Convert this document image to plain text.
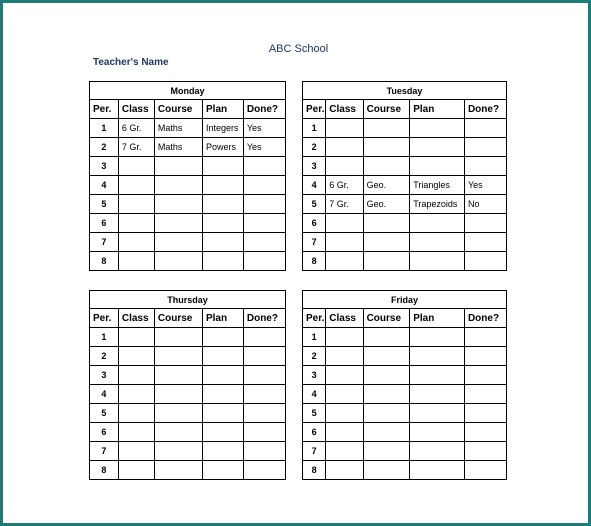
ABC School
Teacher's Name
Monday				
Per.	Class	Course	Plan	Done?
1	6 Gr.	Maths	Integers	Yes
2	7 Gr.	Maths	Powers	Yes
3				
4				
5				
6				
7				
8				
Tuesday				
Per.	Class	Course	Plan	Done?
1				
2				
3				
4	6 Gr.	Geo.	Triangles	Yes
5	7 Gr.	Geo.	Trapezoids	No
6				
7				
8				
Thursday				
Per.	Class	Course	Plan	Done?
1				
2				
3				
4				
5				
6				
7				
8				
Friday				
Per.	Class	Course	Plan	Done?
1				
2				
3				
4				
5				
6				
7				
8				
